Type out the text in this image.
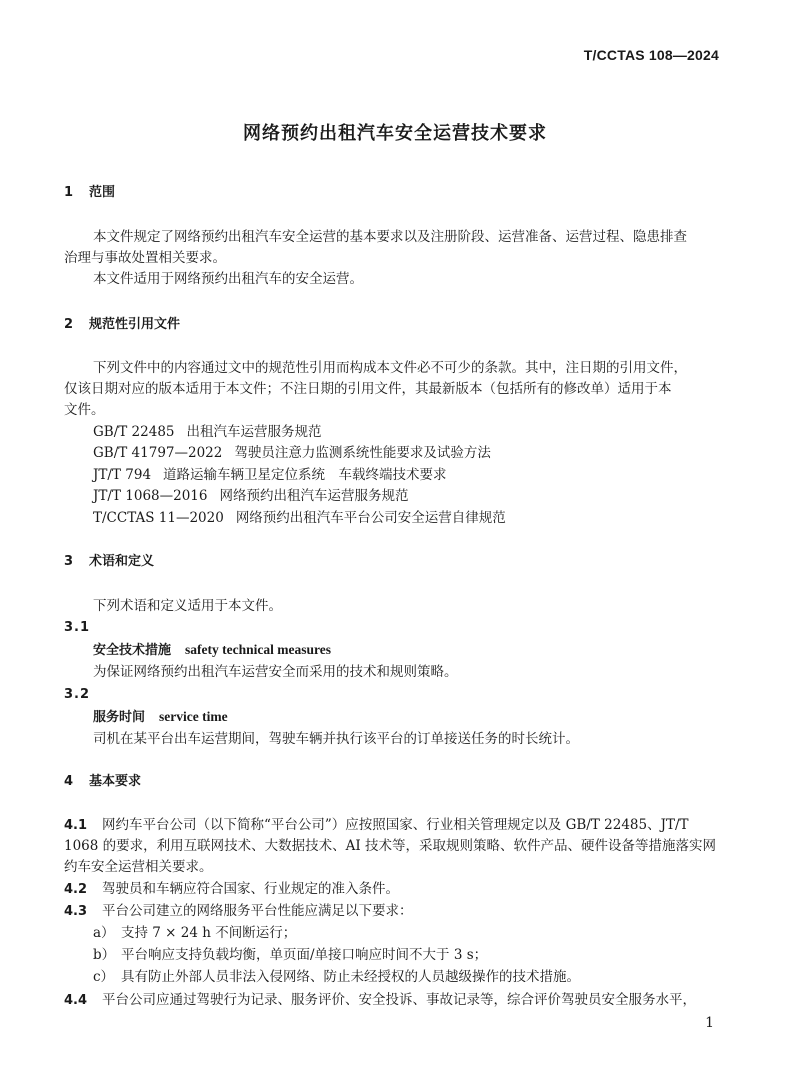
T/CCTAS 108—2024
网络预约出租汽车安全运营技术要求
1 范围
本文件规定了网络预约出租汽车安全运营的基本要求以及注册阶段、运营准备、运营过程、隐患排查
治理与事故处置相关要求。
本文件适用于网络预约出租汽车的安全运营。
2 规范性引用文件
下列文件中的内容通过文中的规范性引用而构成本文件必不可少的条款。其中，注日期的引用文件，
仅该日期对应的版本适用于本文件；不注日期的引用文件，其最新版本（包括所有的修改单）适用于本
文件。
GB/T 22485 出租汽车运营服务规范
GB/T 41797—2022 驾驶员注意力监测系统性能要求及试验方法
JT/T 794 道路运输车辆卫星定位系统　车载终端技术要求
JT/T 1068—2016 网络预约出租汽车运营服务规范
T/CCTAS 11—2020 网络预约出租汽车平台公司安全运营自律规范
3 术语和定义
下列术语和定义适用于本文件。
3.1
安全技术措施 safety technical measures
为保证网络预约出租汽车运营安全而采用的技术和规则策略。
3.2
服务时间 service time
司机在某平台出车运营期间，驾驶车辆并执行该平台的订单接送任务的时长统计。
4 基本要求
4.1 网约车平台公司（以下简称“平台公司”）应按照国家、行业相关管理规定以及 GB/T 22485、JT/T
1068 的要求，利用互联网技术、大数据技术、AI 技术等，采取规则策略、软件产品、硬件设备等措施落实网
约车安全运营相关要求。
4.2 驾驶员和车辆应符合国家、行业规定的准入条件。
4.3 平台公司建立的网络服务平台性能应满足以下要求：
a） 支持 7 × 24 h 不间断运行；
b） 平台响应支持负载均衡，单页面/单接口响应时间不大于 3 s；
c） 具有防止外部人员非法入侵网络、防止未经授权的人员越级操作的技术措施。
4.4 平台公司应通过驾驶行为记录、服务评价、安全投诉、事故记录等，综合评价驾驶员安全服务水平，
1
